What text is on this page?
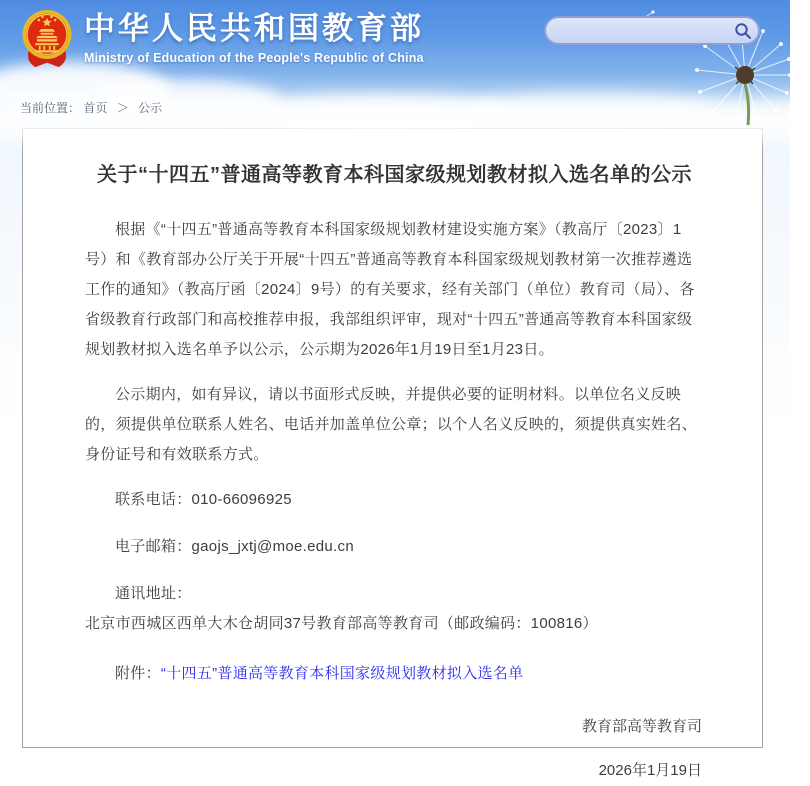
中华人民共和国教育部
Ministry of Education of the People's Republic of China
当前位置： 首页 ＞ 公示
关于“十四五”普通高等教育本科国家级规划教材拟入选名单的公示

根据《“十四五”普通高等教育本科国家级规划教材建设实施方案》（教高厅〔2023〕1号）和《教育部办公厅关于开展“十四五”普通高等教育本科国家级规划教材第一次推荐遴选工作的通知》（教高厅函〔2024〕9号）的有关要求，经有关部门（单位）教育司（局）、各省级教育行政部门和高校推荐申报，我部组织评审，现对“十四五”普通高等教育本科国家级规划教材拟入选名单予以公示，公示期为2026年1月19日至1月23日。

公示期内，如有异议，请以书面形式反映，并提供必要的证明材料。以单位名义反映的，须提供单位联系人姓名、电话并加盖单位公章；以个人名义反映的，须提供真实姓名、身份证号和有效联系方式。

联系电话：010-66096925
电子邮箱：gaojs_jxtj@moe.edu.cn
通讯地址：北京市西城区西单大木仓胡同37号教育部高等教育司（邮政编码：100816）
附件：“十四五”普通高等教育本科国家级规划教材拟入选名单
教育部高等教育司
2026年1月19日
